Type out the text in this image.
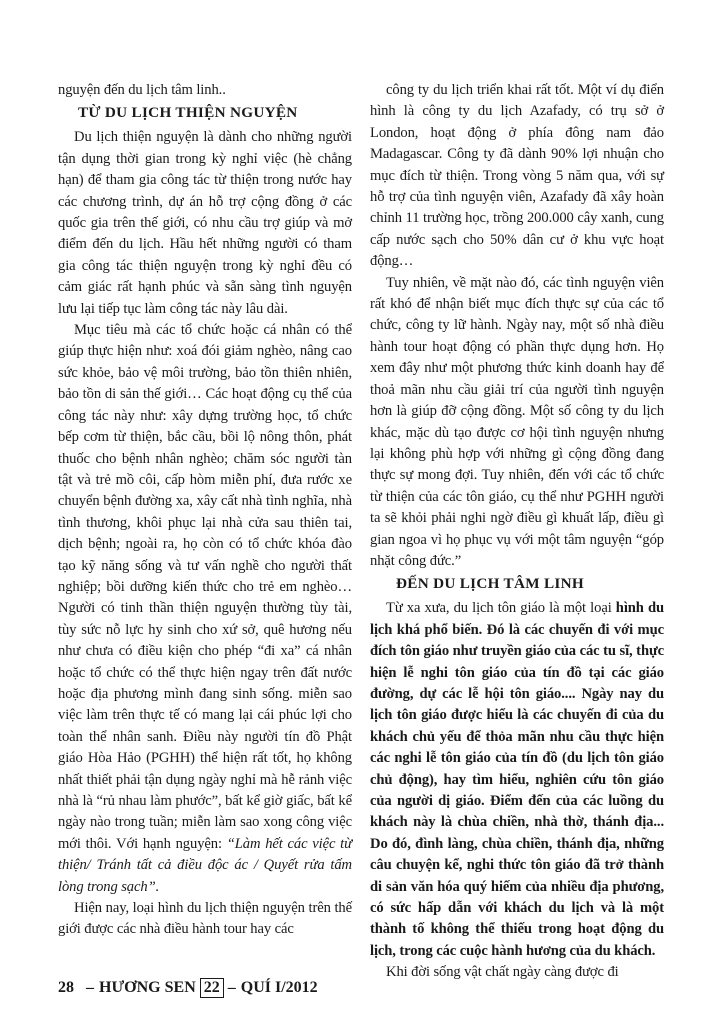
nguyện đến du lịch tâm linh..

TỪ DU LỊCH THIỆN NGUYỆN

Du lịch thiện nguyện là dành cho những người tận dụng thời gian trong kỳ nghỉ việc (hè chẳng hạn) để tham gia công tác từ thiện trong nước hay các chương trình, dự án hỗ trợ cộng đồng ở các quốc gia trên thế giới, có nhu cầu trợ giúp và mở điểm đến du lịch. Hầu hết những người có tham gia công tác thiện nguyện trong kỳ nghỉ đều có cảm giác rất hạnh phúc và sẵn sàng tình nguyện lưu lại tiếp tục làm công tác này lâu dài.

Mục tiêu mà các tổ chức hoặc cá nhân có thể giúp thực hiện như: xoá đói giảm nghèo, nâng cao sức khỏe, bảo vệ môi trường, bảo tồn thiên nhiên, bảo tồn di sản thế giới… Các hoạt động cụ thể của công tác này như: xây dựng trường học, tổ chức bếp cơm từ thiện, bắc cầu, bồi lộ nông thôn, phát thuốc cho bệnh nhân nghèo; chăm sóc người tàn tật và trẻ mồ côi, cấp hòm miễn phí, đưa rước xe chuyển bệnh đường xa, xây cất nhà tình nghĩa, nhà tình thương, khôi phục lại nhà cửa sau thiên tai, dịch bệnh; ngoài ra, họ còn có tổ chức khóa đào tạo kỹ năng sống và tư vấn nghề cho người thất nghiệp; bồi dưỡng kiến thức cho trẻ em nghèo…Người có tinh thần thiện nguyện thường tùy tài, tùy sức nỗ lực hy sinh cho xứ sở, quê hương nếu như chưa có điều kiện cho phép “đi xa” cá nhân hoặc tổ chức có thể thực hiện ngay trên đất nước hoặc địa phương mình đang sinh sống. miễn sao việc làm trên thực tế có mang lại cái phúc lợi cho toàn thể nhân sanh. Điều này người tín đồ Phật giáo Hòa Hảo (PGHH) thể hiện rất tốt, họ không nhất thiết phải tận dụng ngày nghỉ mà hễ rảnh việc nhà là “rủ nhau làm phước”, bất kể giờ giấc, bất kể ngày nào trong tuần; miễn làm sao xong công việc mới thôi. Với hạnh nguyện: “Làm hết các việc từ thiện/ Tránh tất cả điều độc ác / Quyết rửa tấm lòng trong sạch”.

Hiện nay, loại hình du lịch thiện nguyện trên thế giới được các nhà điều hành tour hay các

công ty du lịch triển khai rất tốt. Một ví dụ điển hình là công ty du lịch Azafady, có trụ sở ở London, hoạt động ở phía đông nam đảo Madagascar. Công ty đã dành 90% lợi nhuận cho mục đích từ thiện. Trong vòng 5 năm qua, với sự hỗ trợ của tình nguyện viên, Azafady đã xây hoàn chỉnh 11 trường học, trồng 200.000 cây xanh, cung cấp nước sạch cho 50% dân cư ở khu vực hoạt động…

Tuy nhiên, về mặt nào đó, các tình nguyện viên rất khó để nhận biết mục đích thực sự của các tổ chức, công ty lữ hành. Ngày nay, một số nhà điều hành tour hoạt động có phần thực dụng hơn. Họ xem đây như một phương thức kinh doanh hay để thoả mãn nhu cầu giải trí của người tình nguyện hơn là giúp đỡ cộng đồng. Một số công ty du lịch khác, mặc dù tạo được cơ hội tình nguyện nhưng lại không phù hợp với những gì cộng đồng đang thực sự mong đợi. Tuy nhiên, đến với các tổ chức từ thiện của các tôn giáo, cụ thể như PGHH người ta sẽ khỏi phải nghi ngờ điều gì khuất lấp, điều gì gian ngoa vì họ phục vụ với một tâm nguyện “góp nhặt công đức.”

ĐẾN DU LỊCH TÂM LINH

Từ xa xưa, du lịch tôn giáo là một loại hình du lịch khá phổ biến. Đó là các chuyến đi với mục đích tôn giáo như truyền giáo của các tu sĩ, thực hiện lễ nghi tôn giáo của tín đồ tại các giáo đường, dự các lễ hội tôn giáo.... Ngày nay du lịch tôn giáo được hiểu là các chuyến đi của du khách chủ yếu để thỏa mãn nhu cầu thực hiện các nghi lễ tôn giáo của tín đồ (du lịch tôn giáo chủ động), hay tìm hiểu, nghiên cứu tôn giáo của người dị giáo. Điểm đến của các luồng du khách này là chùa chiền, nhà thờ, thánh địa... Do đó, đình làng, chùa chiền, thánh địa, những câu chuyện kể, nghi thức tôn giáo đã trở thành di sản văn hóa quý hiếm của nhiều địa phương, có sức hấp dẫn với khách du lịch và là một thành tố không thể thiếu trong hoạt động du lịch, trong các cuộc hành hương của du khách.

Khi đời sống vật chất ngày càng được đi

28 – HƯƠNG SEN 22 – QUÍ I/2012
